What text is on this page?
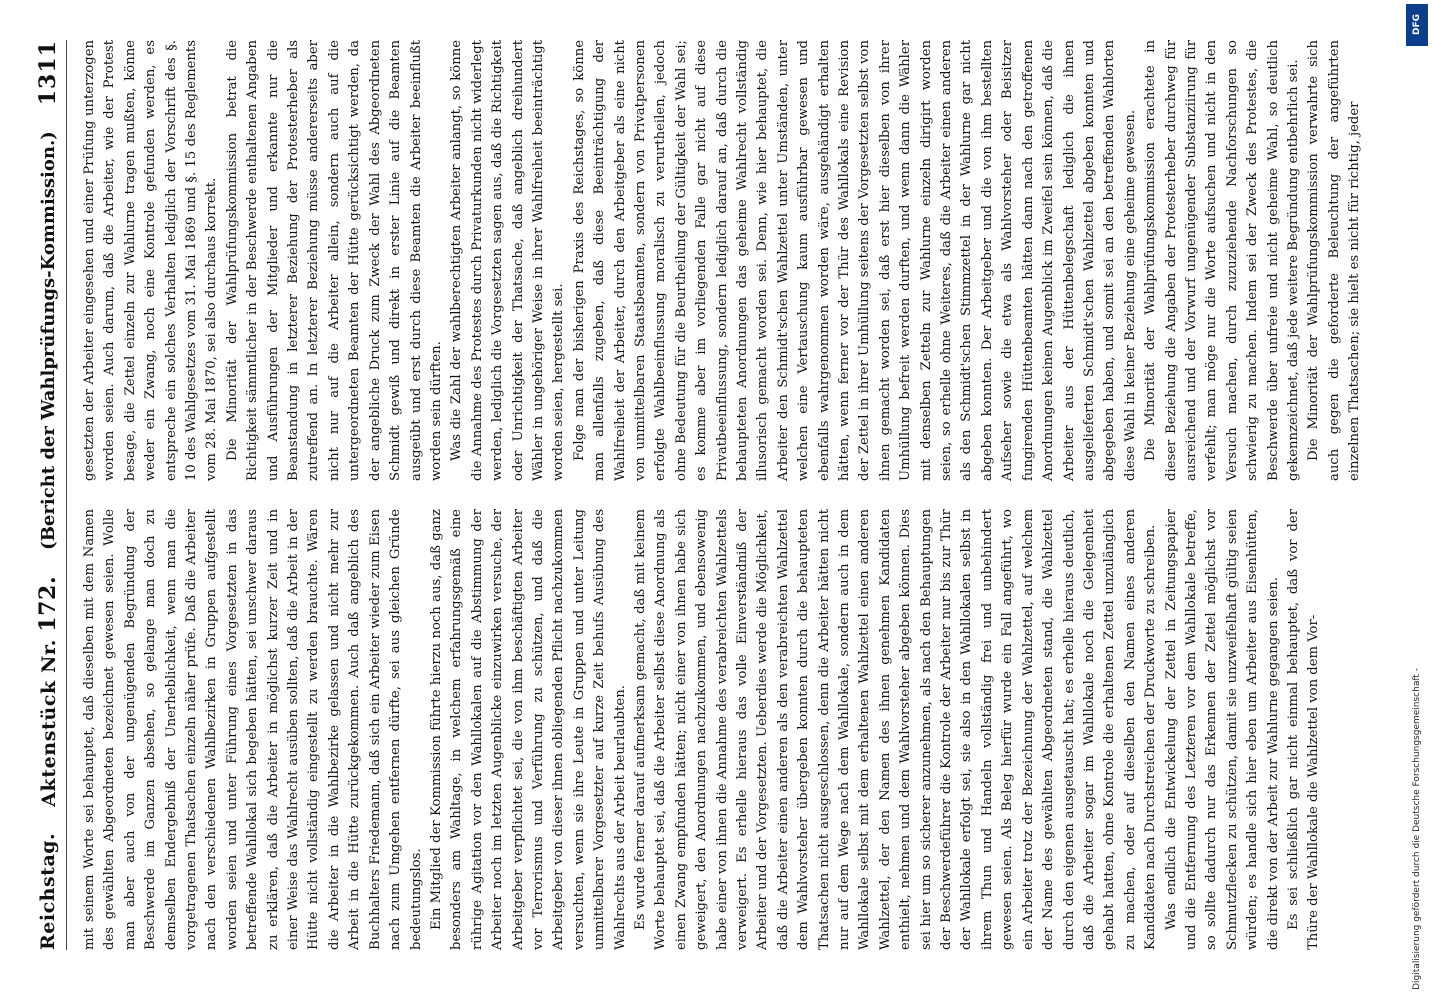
Reichstag.
Aktenstück Nr. 172.
(Bericht der Wahlprüfungs-Kommission.)
1311

mit seinem Worte sei behauptet, daß dieselben mit dem Namen des gewählten Abgeordneten bezeichnet gewesen seien. Wolle man aber auch von der ungenügenden Begründung der Beschwerde im Ganzen absehen, so gelange man doch zu demselben Endergebniß der Unerheblichkeit, wenn man die vorgetragenen Thatsachen einzeln näher prüfe. Daß die Arbeiter nach den verschiedenen Wahlbezirken in Gruppen aufgestellt worden seien und unter Führung eines Vorgesetzten in das betreffende Wahllokal sich begeben hätten, sei unschwer daraus zu erklären, daß die Arbeiter in möglichst kurzer Zeit und in einer Weise das Wahlrecht ausüben sollten, daß die Arbeit in der Hütte nicht vollständig eingestellt zu werden brauchte. Wären die Arbeiter in die Wahlbezirke gelassen und nicht mehr zur Arbeit in die Hütte zurückgekommen. Auch daß angeblich des Buchhalters Friedemann, daß sich ein Arbeiter wieder zum Eisen nach zum Umgehen entfernen dürfte, sei aus gleichen Gründe bedeutungslos. Ein Mitglied der Kommission führte hierzu noch aus, daß ganz besonders am Wahltage, in welchem erfahrungsgemäß eine rührige Agitation vor den Wahllokalen auf die Abstimmung der Arbeiter noch im letzten Augenblicke einzuwirken versuche, der Arbeitgeber verpflichtet sei, die von ihm beschäftigten Arbeiter vor Terrorismus und Verführung zu schützen, und daß die Arbeitgeber von dieser ihnen obliegenden Pflicht nachzukommen versuchten, wenn sie ihre Leute in Gruppen und unter Leitung unmittelbarer Vorgesetzter auf kurze Zeit behufs Ausübung des Wahlrechts aus der Arbeit beurlaubten. Es wurde ferner darauf aufmerksam gemacht, daß mit keinem Worte behauptet sei, daß die Arbeiter selbst diese Anordnung als einen Zwang empfunden hätten; nicht einer von ihnen habe sich geweigert, den Anordnungen nachzukommen, und ebensowenig habe einer von ihnen die Annahme des verabreichten Wahlzettels verweigert. Es erhelle hieraus das volle Einverständniß der Arbeiter und der Vorgesetzten. Ueberdies werde die Möglichkeit, daß die Arbeiter einen anderen als den verabreichten Wahlzettel dem Wahlvorsteher übergeben konnten durch die behaupteten Thatsachen nicht ausgeschlossen, denn die Arbeiter hätten nicht nur auf dem Wege nach dem Wahllokale, sondern auch in dem Wahllokale selbst mit dem erhaltenen Wahlzettel einen anderen Wahlzettel, der den Namen des ihnen genehmen Kandidaten enthielt, nehmen und dem Wahlvorsteher abgeben können. Dies sei hier um so sicherer anzunehmen, als nach den Behauptungen der Beschwerdeführer die Kontrole der Arbeiter nur bis zur Thür der Wahllokale erfolgt sei, sie also in den Wahllokalen selbst in ihrem Thun und Handeln vollständig frei und unbehindert gewesen seien. Als Beleg hierfür wurde ein Fall angeführt, wo ein Arbeiter trotz der Bezeichnung der Wahlzettel, auf welchem der Name des gewählten Abgeordneten stand, die Wahlzettel durch den eigenen ausgetauscht hat; es erhelle hieraus deutlich, daß die Arbeiter sogar im Wahllokale noch die Gelegenheit gehabt hatten, ohne Kontrole die erhaltenen Zettel unzulänglich zu machen, oder auf dieselben den Namen eines anderen Kandidaten nach Durchstreichen der Druckworte zu schreiben. Was endlich die Entwickelung der Zettel in Zeitungspapier und die Entfernung des Letzteren vor dem Wahllokale betreffe, so sollte dadurch nur das Erkennen der Zettel möglichst vor Schmutzflecken zu schützen, damit sie unzweifelhaft gültig seien würden; es handle sich hier eben um Arbeiter aus Eisenhütten, die direkt von der Arbeit zur Wahlurne gegangen seien. Es sei schließlich gar nicht einmal behauptet, daß vor der Thüre der Wahllokale die Wahlzettel von dem Vor-

gesetzten der Arbeiter eingesehen und einer Prüfung unterzogen worden seien. Auch darum, daß die Arbeiter, wie der Protest besage, die Zettel einzeln zur Wahlurne tragen mußten, könne weder ein Zwang, noch eine Kontrole gefunden werden, es entspreche ein solches Verhalten lediglich der Vorschrift des §. 10 des Wahlgesetzes vom 31. Mai 1869 und §. 15 des Reglements vom 28. Mai 1870, sei also durchaus korrekt. Die Minorität der Wahlprüfungskommission betrat die Richtigkeit sämmtlicher in der Beschwerde enthaltenen Angaben und Ausführungen der Mitglieder und erkannte nur die Beanstandung in letzterer Beziehung der Protesterheber als zutreffend an. In letzterer Beziehung müsse andererseits aber nicht nur auf die Arbeiter allein, sondern auch auf die untergeordneten Beamten der Hütte gerücksichtigt werden, da der angebliche Druck zum Zweck der Wahl des Abgeordneten Schmidt gewiß und direkt in erster Linie auf die Beamten ausgeübt und erst durch diese Beamten die Arbeiter beeinflußt worden sein dürften. Was die Zahl der wahlberechtigten Arbeiter anlangt, so könne die Annahme des Protestes durch Privaturkunden nicht widerlegt werden, lediglich die Vorgesetzten sagen aus, daß die Richtigkeit oder Unrichtigkeit der Thatsache, daß angeblich dreihundert Wähler in ungehöriger Weise in ihrer Wahlfreiheit beeinträchtigt worden seien, hergestellt sei. Folge man der bisherigen Praxis des Reichstages, so könne man allenfalls zugeben, daß diese Beeinträchtigung der Wahlfreiheit der Arbeiter, durch den Arbeitgeber als eine nicht von unmittelbaren Staatsbeamten, sondern von Privatpersonen erfolgte Wahlbeeinflussung moralisch zu verurtheilen, jedoch ohne Bedeutung für die Beurtheilung der Gültigkeit der Wahl sei; es komme aber im vorliegenden Falle gar nicht auf diese Privatbeeinflussung, sondern lediglich darauf an, daß durch die behaupteten Anordnungen das geheime Wahlrecht vollständig illusorisch gemacht worden sei. Denn, wie hier behauptet, die Arbeiter den Schmidt'schen Wahlzettel unter Umständen, unter welchen eine Vertauschung kaum ausführbar gewesen und ebenfalls wahrgenommen worden wäre, ausgehändigt erhalten hätten, wenn ferner vor der Thür des Wahllokals eine Revision der Zettel in ihrer Umhüllung seitens der Vorgesetzten selbst von ihnen gemacht worden sei, daß erst hier dieselben von ihrer Umhüllung befreit werden durften, und wenn dann die Wähler mit denselben Zetteln zur Wahlurne einzeln dirigirt worden seien, so erhelle ohne Weiteres, daß die Arbeiter einen anderen als den Schmidt'schen Stimmzettel in der Wahlurne gar nicht abgeben konnten. Der Arbeitgeber und die von ihm bestellten Aufseher sowie die etwa als Wahlvorsteher oder Beisitzer fungirenden Hüttenbeamten hätten dann nach den getroffenen Anordnungen keinen Augenblick im Zweifel sein können, daß die Arbeiter aus der Hüttenbelegschaft lediglich die ihnen ausgelieferten Schmidt'schen Wahlzettel abgeben konnten und abgegeben haben, und somit sei an den betreffenden Wahlorten diese Wahl in keiner Beziehung eine geheime gewesen. Die Minorität der Wahlprüfungskommission erachtete in dieser Beziehung die Angaben der Protesterheber durchweg für ausreichend und der Vorwurf ungenügender Substanziirung für verfehlt; man möge nur die Worte aufsuchen und nicht in den Versuch machen, durch zuzuziehende Nachforschungen so schwierig zu machen. Indem sei der Zweck des Protestes, die Beschwerde über unfreie und nicht geheime Wahl, so deutlich gekennzeichnet, daß jede weitere Begründung entbehrlich sei. Die Minorität der Wahlprüfungskommission verwahrte sich auch gegen die geforderte Beleuchtung der angeführten einzelnen Thatsachen; sie hielt es nicht für richtig, jeder

DFG
Digitalisierung gefördert durch die Deutsche Forschungsgemeinschaft -
